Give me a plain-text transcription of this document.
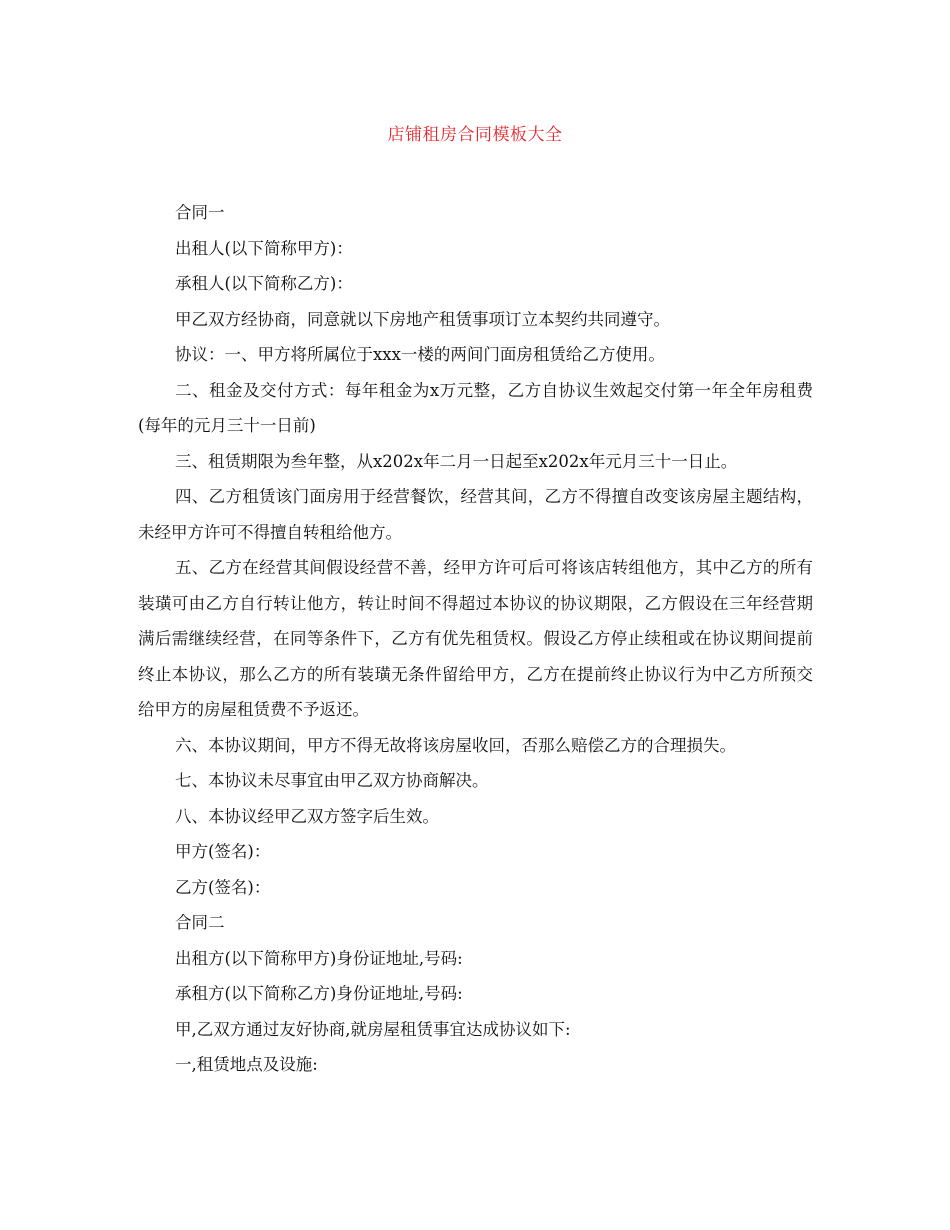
店铺租房合同模板大全

合同一

出租人(以下简称甲方)：

承租人(以下简称乙方)：

甲乙双方经协商，同意就以下房地产租赁事项订立本契约共同遵守。

协议：一、甲方将所属位于xxx一楼的两间门面房租赁给乙方使用。

二、租金及交付方式：每年租金为x万元整，乙方自协议生效起交付第一年全年房租费(每年的元月三十一日前)

三、租赁期限为叁年整，从x202x年二月一日起至x202x年元月三十一日止。

四、乙方租赁该门面房用于经营餐饮，经营其间，乙方不得擅自改变该房屋主题结构，未经甲方许可不得擅自转租给他方。

五、乙方在经营其间假设经营不善，经甲方许可后可将该店转组他方，其中乙方的所有装璜可由乙方自行转让他方，转让时间不得超过本协议的协议期限，乙方假设在三年经营期满后需继续经营，在同等条件下，乙方有优先租赁权。假设乙方停止续租或在协议期间提前终止本协议，那么乙方的所有装璜无条件留给甲方，乙方在提前终止协议行为中乙方所预交给甲方的房屋租赁费不予返还。

六、本协议期间，甲方不得无故将该房屋收回，否那么赔偿乙方的合理损失。

七、本协议未尽事宜由甲乙双方协商解决。

八、本协议经甲乙双方签字后生效。

甲方(签名)：

乙方(签名)：

合同二

出租方(以下简称甲方)身份证地址,号码:

承租方(以下简称乙方)身份证地址,号码:

甲,乙双方通过友好协商,就房屋租赁事宜达成协议如下:

一,租赁地点及设施:
